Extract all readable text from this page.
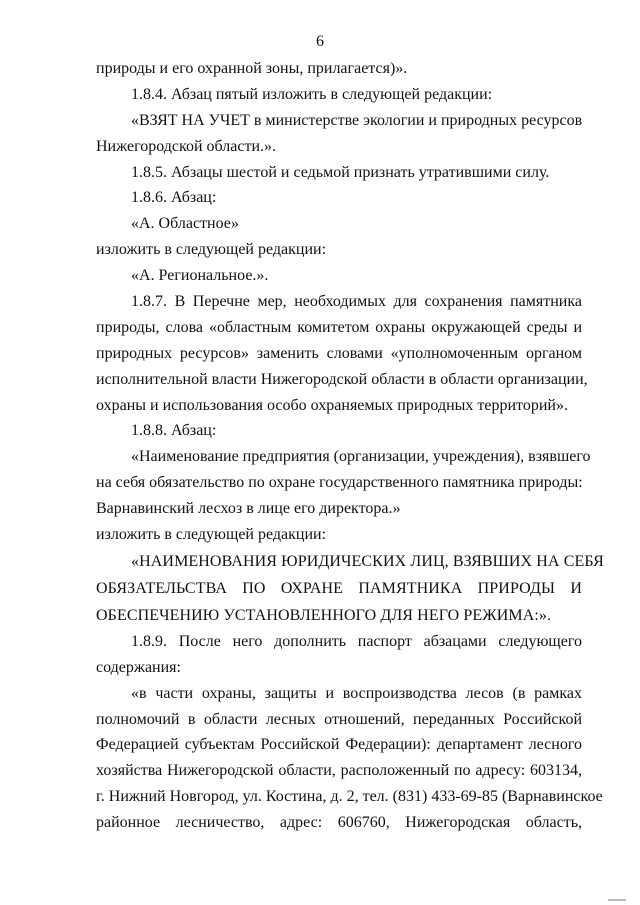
6
природы и его охранной зоны, прилагается)».
1.8.4. Абзац пятый изложить в следующей редакции:
«ВЗЯТ НА УЧЕТ в министерстве экологии и природных ресурсов
Нижегородской области.».
1.8.5. Абзацы шестой и седьмой признать утратившими силу.
1.8.6. Абзац:
«А. Областное»
изложить в следующей редакции:
«А. Региональное.».
1.8.7. В Перечне мер, необходимых для сохранения памятника
природы, слова «областным комитетом охраны окружающей среды и
природных ресурсов» заменить словами «уполномоченным органом
исполнительной власти Нижегородской области в области организации,
охраны и использования особо охраняемых природных территорий».
1.8.8. Абзац:
«Наименование предприятия (организации, учреждения), взявшего
на себя обязательство по охране государственного памятника природы:
Варнавинский лесхоз в лице его директора.»
изложить в следующей редакции:
«НАИМЕНОВАНИЯ ЮРИДИЧЕСКИХ ЛИЦ, ВЗЯВШИХ НА СЕБЯ
ОБЯЗАТЕЛЬСТВА ПО ОХРАНЕ ПАМЯТНИКА ПРИРОДЫ И
ОБЕСПЕЧЕНИЮ УСТАНОВЛЕННОГО ДЛЯ НЕГО РЕЖИМА:».
1.8.9. После него дополнить паспорт абзацами следующего
содержания:
«в части охраны, защиты и воспроизводства лесов (в рамках
полномочий в области лесных отношений, переданных Российской
Федерацией субъектам Российской Федерации): департамент лесного
хозяйства Нижегородской области, расположенный по адресу: 603134,
г. Нижний Новгород, ул. Костина, д. 2, тел. (831) 433-69-85 (Варнавинское
районное лесничество, адрес: 606760, Нижегородская область,
